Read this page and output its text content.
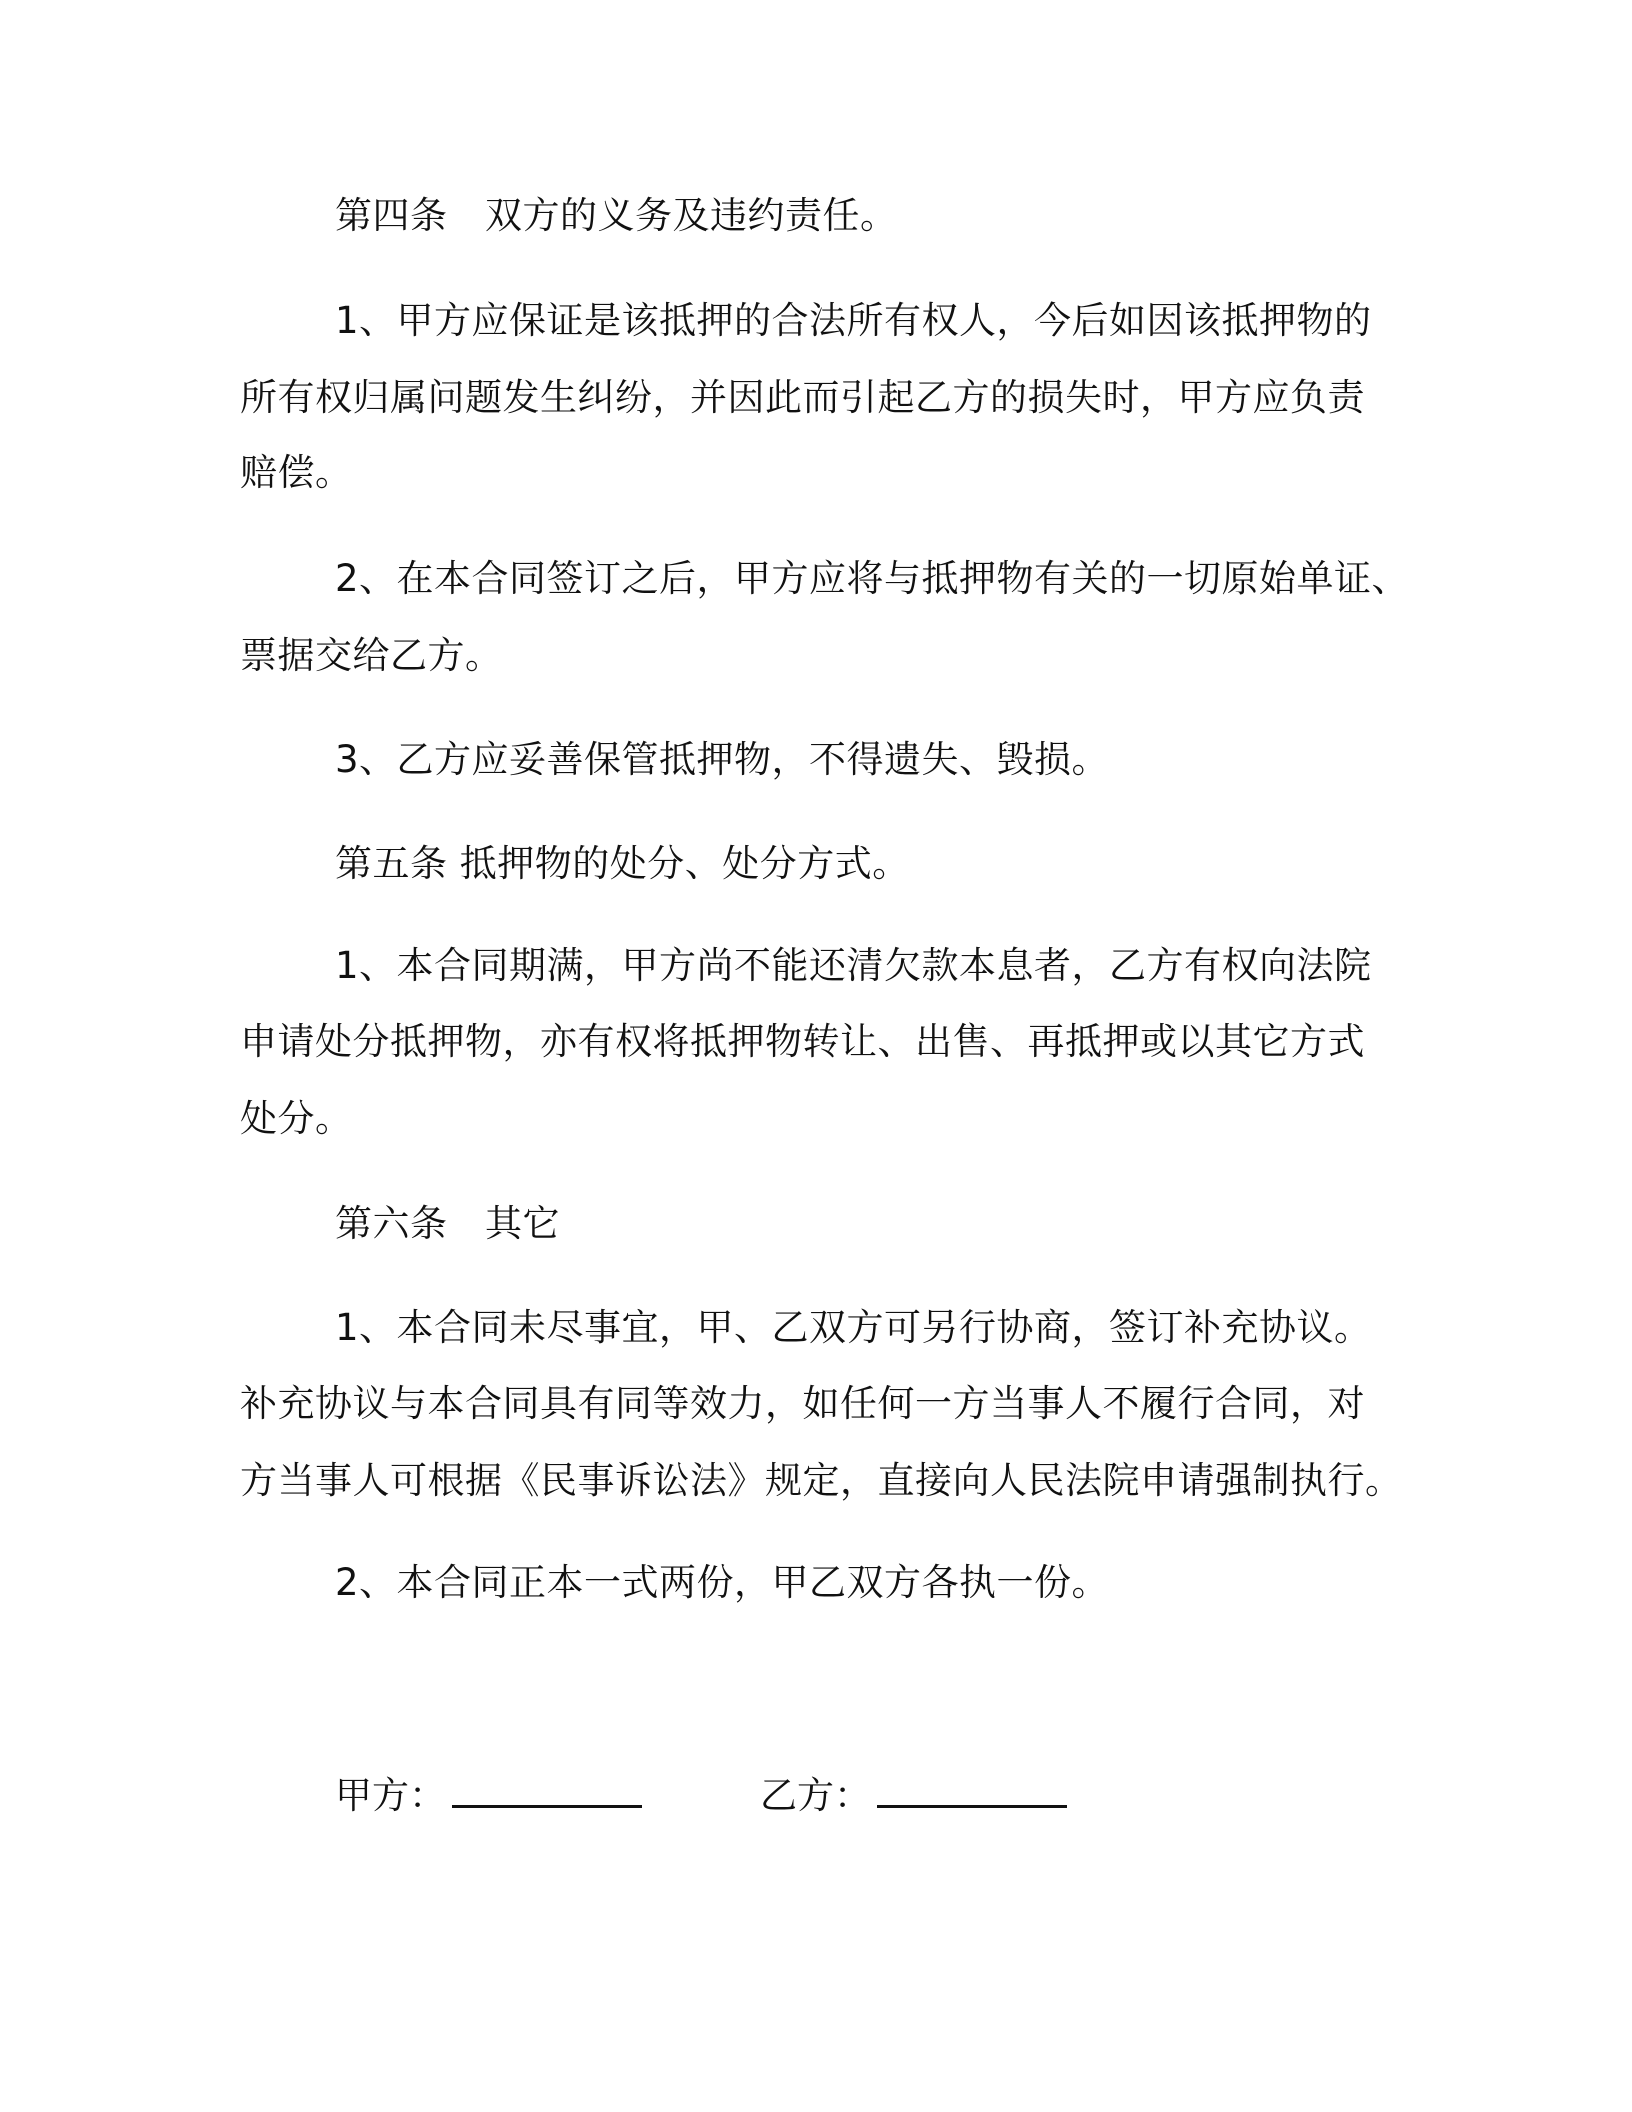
第四条　双方的义务及违约责任。
1、甲方应保证是该抵押的合法所有权人，今后如因该抵押物的
所有权归属问题发生纠纷，并因此而引起乙方的损失时，甲方应负责
赔偿。
2、在本合同签订之后，甲方应将与抵押物有关的一切原始单证、
票据交给乙方。
3、乙方应妥善保管抵押物，不得遗失、毁损。
第五条 抵押物的处分、处分方式。
1、本合同期满，甲方尚不能还清欠款本息者，乙方有权向法院
申请处分抵押物，亦有权将抵押物转让、出售、再抵押或以其它方式
处分。
第六条　其它
1、本合同未尽事宜，甲、乙双方可另行协商，签订补充协议。
补充协议与本合同具有同等效力，如任何一方当事人不履行合同，对
方当事人可根据《民事诉讼法》规定，直接向人民法院申请强制执行。
2、本合同正本一式两份，甲乙双方各执一份。
甲方：	乙方：
